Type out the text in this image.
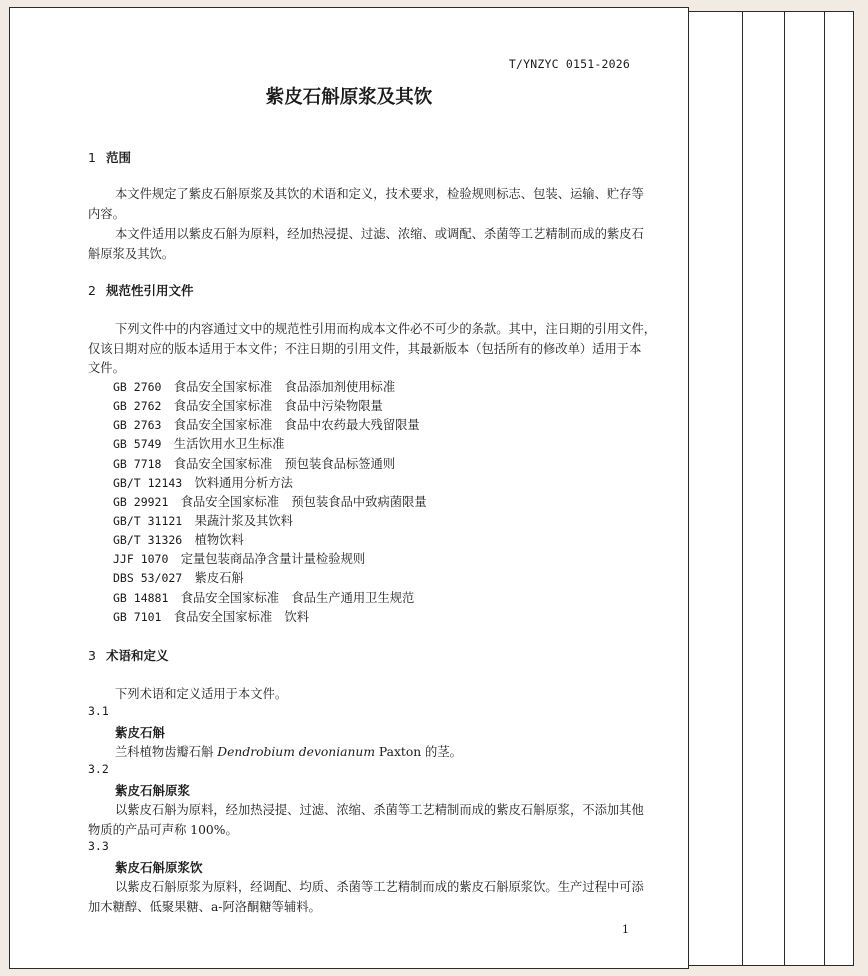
T/YNZYC 0151-2026
紫皮石斛原浆及其饮
1 范围
本文件规定了紫皮石斛原浆及其饮的术语和定义，技术要求，检验规则标志、包装、运输、贮存等
内容。
本文件适用以紫皮石斛为原料，经加热浸提、过滤、浓缩、或调配、杀菌等工艺精制而成的紫皮石
斛原浆及其饮。
2 规范性引用文件
下列文件中的内容通过文中的规范性引用而构成本文件必不可少的条款。其中，注日期的引用文件，
仅该日期对应的版本适用于本文件；不注日期的引用文件，其最新版本（包括所有的修改单）适用于本
文件。
GB 2760　 食品安全国家标准　食品添加剂使用标准
GB 2762　 食品安全国家标准　食品中污染物限量
GB 2763　 食品安全国家标准　食品中农药最大残留限量
GB 5749　 生活饮用水卫生标准
GB 7718　 食品安全国家标准　预包装食品标签通则
GB/T 12143　 饮料通用分析方法
GB 29921　 食品安全国家标准　预包装食品中致病菌限量
GB/T 31121　 果蔬汁浆及其饮料
GB/T 31326　 植物饮料
JJF 1070　 定量包装商品净含量计量检验规则
DBS 53/027　 紫皮石斛
GB 14881　 食品安全国家标准　食品生产通用卫生规范
GB 7101　 食品安全国家标准　饮料
3 术语和定义
下列术语和定义适用于本文件。
3.1
紫皮石斛
兰科植物齿瓣石斛 Dendrobium devonianum Paxton 的茎。
3.2
紫皮石斛原浆
以紫皮石斛为原料，经加热浸提、过滤、浓缩、杀菌等工艺精制而成的紫皮石斛原浆，不添加其他
物质的产品可声称 100%。
3.3
紫皮石斛原浆饮
以紫皮石斛原浆为原料，经调配、均质、杀菌等工艺精制而成的紫皮石斛原浆饮。生产过程中可添
加木糖醇、低聚果糖、a-阿洛酮糖等辅料。
1
